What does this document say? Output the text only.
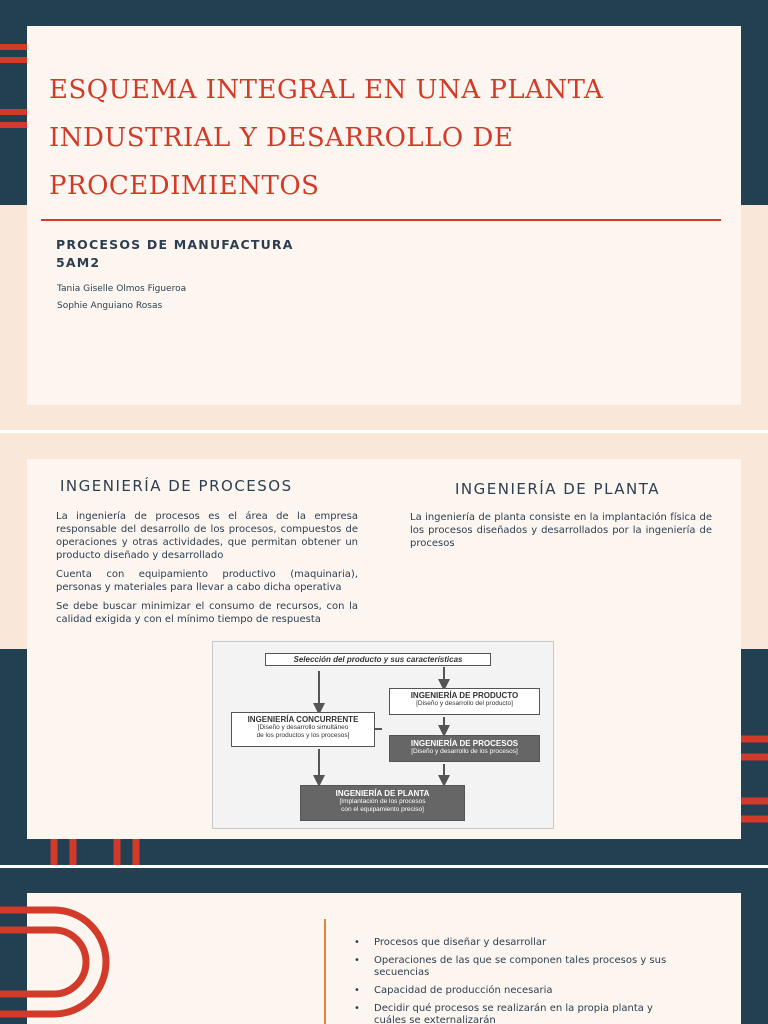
ESQUEMA INTEGRAL EN UNA PLANTA
INDUSTRIAL Y DESARROLLO DE
PROCEDIMIENTOS

PROCESOS DE MANUFACTURA

5AM2

Tania Giselle Olmos Figueroa

Sophie Anguiano Rosas

INGENIERÍA DE PROCESOS

La ingeniería de procesos es el área de la empresa responsable del desarrollo de los procesos, compuestos de operaciones y otras actividades, que permitan obtener un producto diseñado y desarrollado

Cuenta con equipamiento productivo (maquinaria), personas y materiales para llevar a cabo dicha operativa

Se debe buscar minimizar el consumo de recursos, con la calidad exigida y con el mínimo tiempo de respuesta

INGENIERÍA DE PLANTA

La ingeniería de planta consiste en la implantación física de los procesos diseñados y desarrollados por la ingeniería de procesos

Selección del producto y sus características
INGENIERÍA DE PRODUCTO
[Diseño y desarrollo del producto]
INGENIERÍA CONCURRENTE
[Diseño y desarrollo simultáneo
de los productos y los procesos]
INGENIERÍA DE PROCESOS
[Diseño y desarrollo de los procesos]
INGENIERÍA DE PLANTA
[Implantación de los procesos
con el equipamiento preciso]
• Procesos que diseñar y desarrollar
• Operaciones de las que se componen tales procesos y sus secuencias
• Capacidad de producción necesaria
• Decidir qué procesos se realizarán en la propia planta y cuáles se externalizarán
